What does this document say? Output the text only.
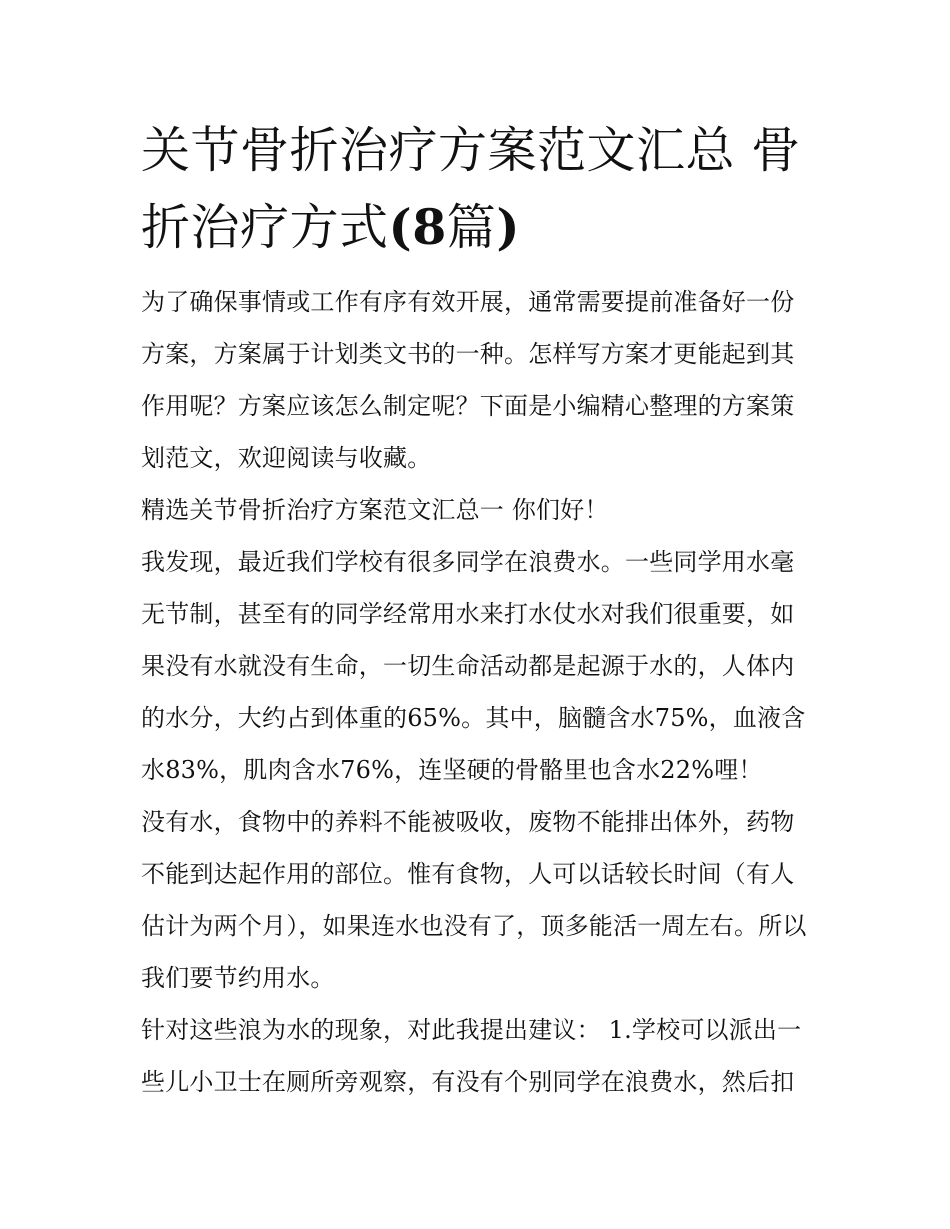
关节骨折治疗方案范文汇总 骨
折治疗方式(8篇)

为了确保事情或工作有序有效开展，通常需要提前准备好一份方案，方案属于计划类文书的一种。怎样写方案才更能起到其作用呢？方案应该怎么制定呢？下面是小编精心整理的方案策划范文，欢迎阅读与收藏。

精选关节骨折治疗方案范文汇总一 你们好！

我发现，最近我们学校有很多同学在浪费水。一些同学用水毫无节制，甚至有的同学经常用水来打水仗水对我们很重要，如果没有水就没有生命，一切生命活动都是起源于水的，人体内的水分，大约占到体重的65%。其中，脑髓含水75%，血液含水83%，肌肉含水76%，连坚硬的骨骼里也含水22%哩！

没有水，食物中的养料不能被吸收，废物不能排出体外，药物不能到达起作用的部位。惟有食物，人可以话较长时间（有人估计为两个月），如果连水也没有了，顶多能活一周左右。所以我们要节约用水。

针对这些浪为水的现象，对此我提出建议： 1.学校可以派出一些儿小卫士在厕所旁观察，有没有个别同学在浪费水，然后扣
